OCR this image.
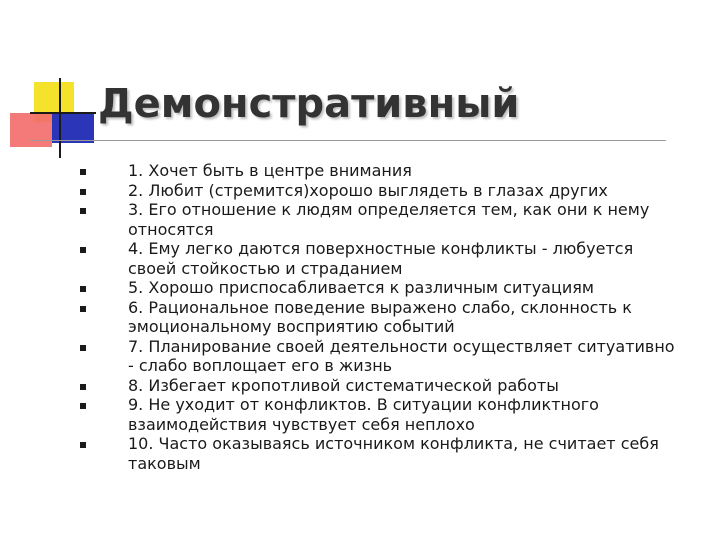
Демонстративный
1. Хочет быть в центре внимания
2. Любит (стремится)хорошо выглядеть в глазах других
3. Его отношение к людям определяется тем, как они к нему относятся
4. Ему легко даются поверхностные конфликты - любуется своей стойкостью и страданием
5. Хорошо приспосабливается к различным ситуациям
6. Рациональное поведение выражено слабо, склонность к эмоциональному восприятию событий
7. Планирование своей деятельности осуществляет ситуативно - слабо воплощает его в жизнь
8. Избегает кропотливой систематической работы
9. Не уходит от конфликтов. В ситуации конфликтного взаимодействия чувствует себя неплохо
10. Часто оказываясь источником конфликта, не считает себя таковым
